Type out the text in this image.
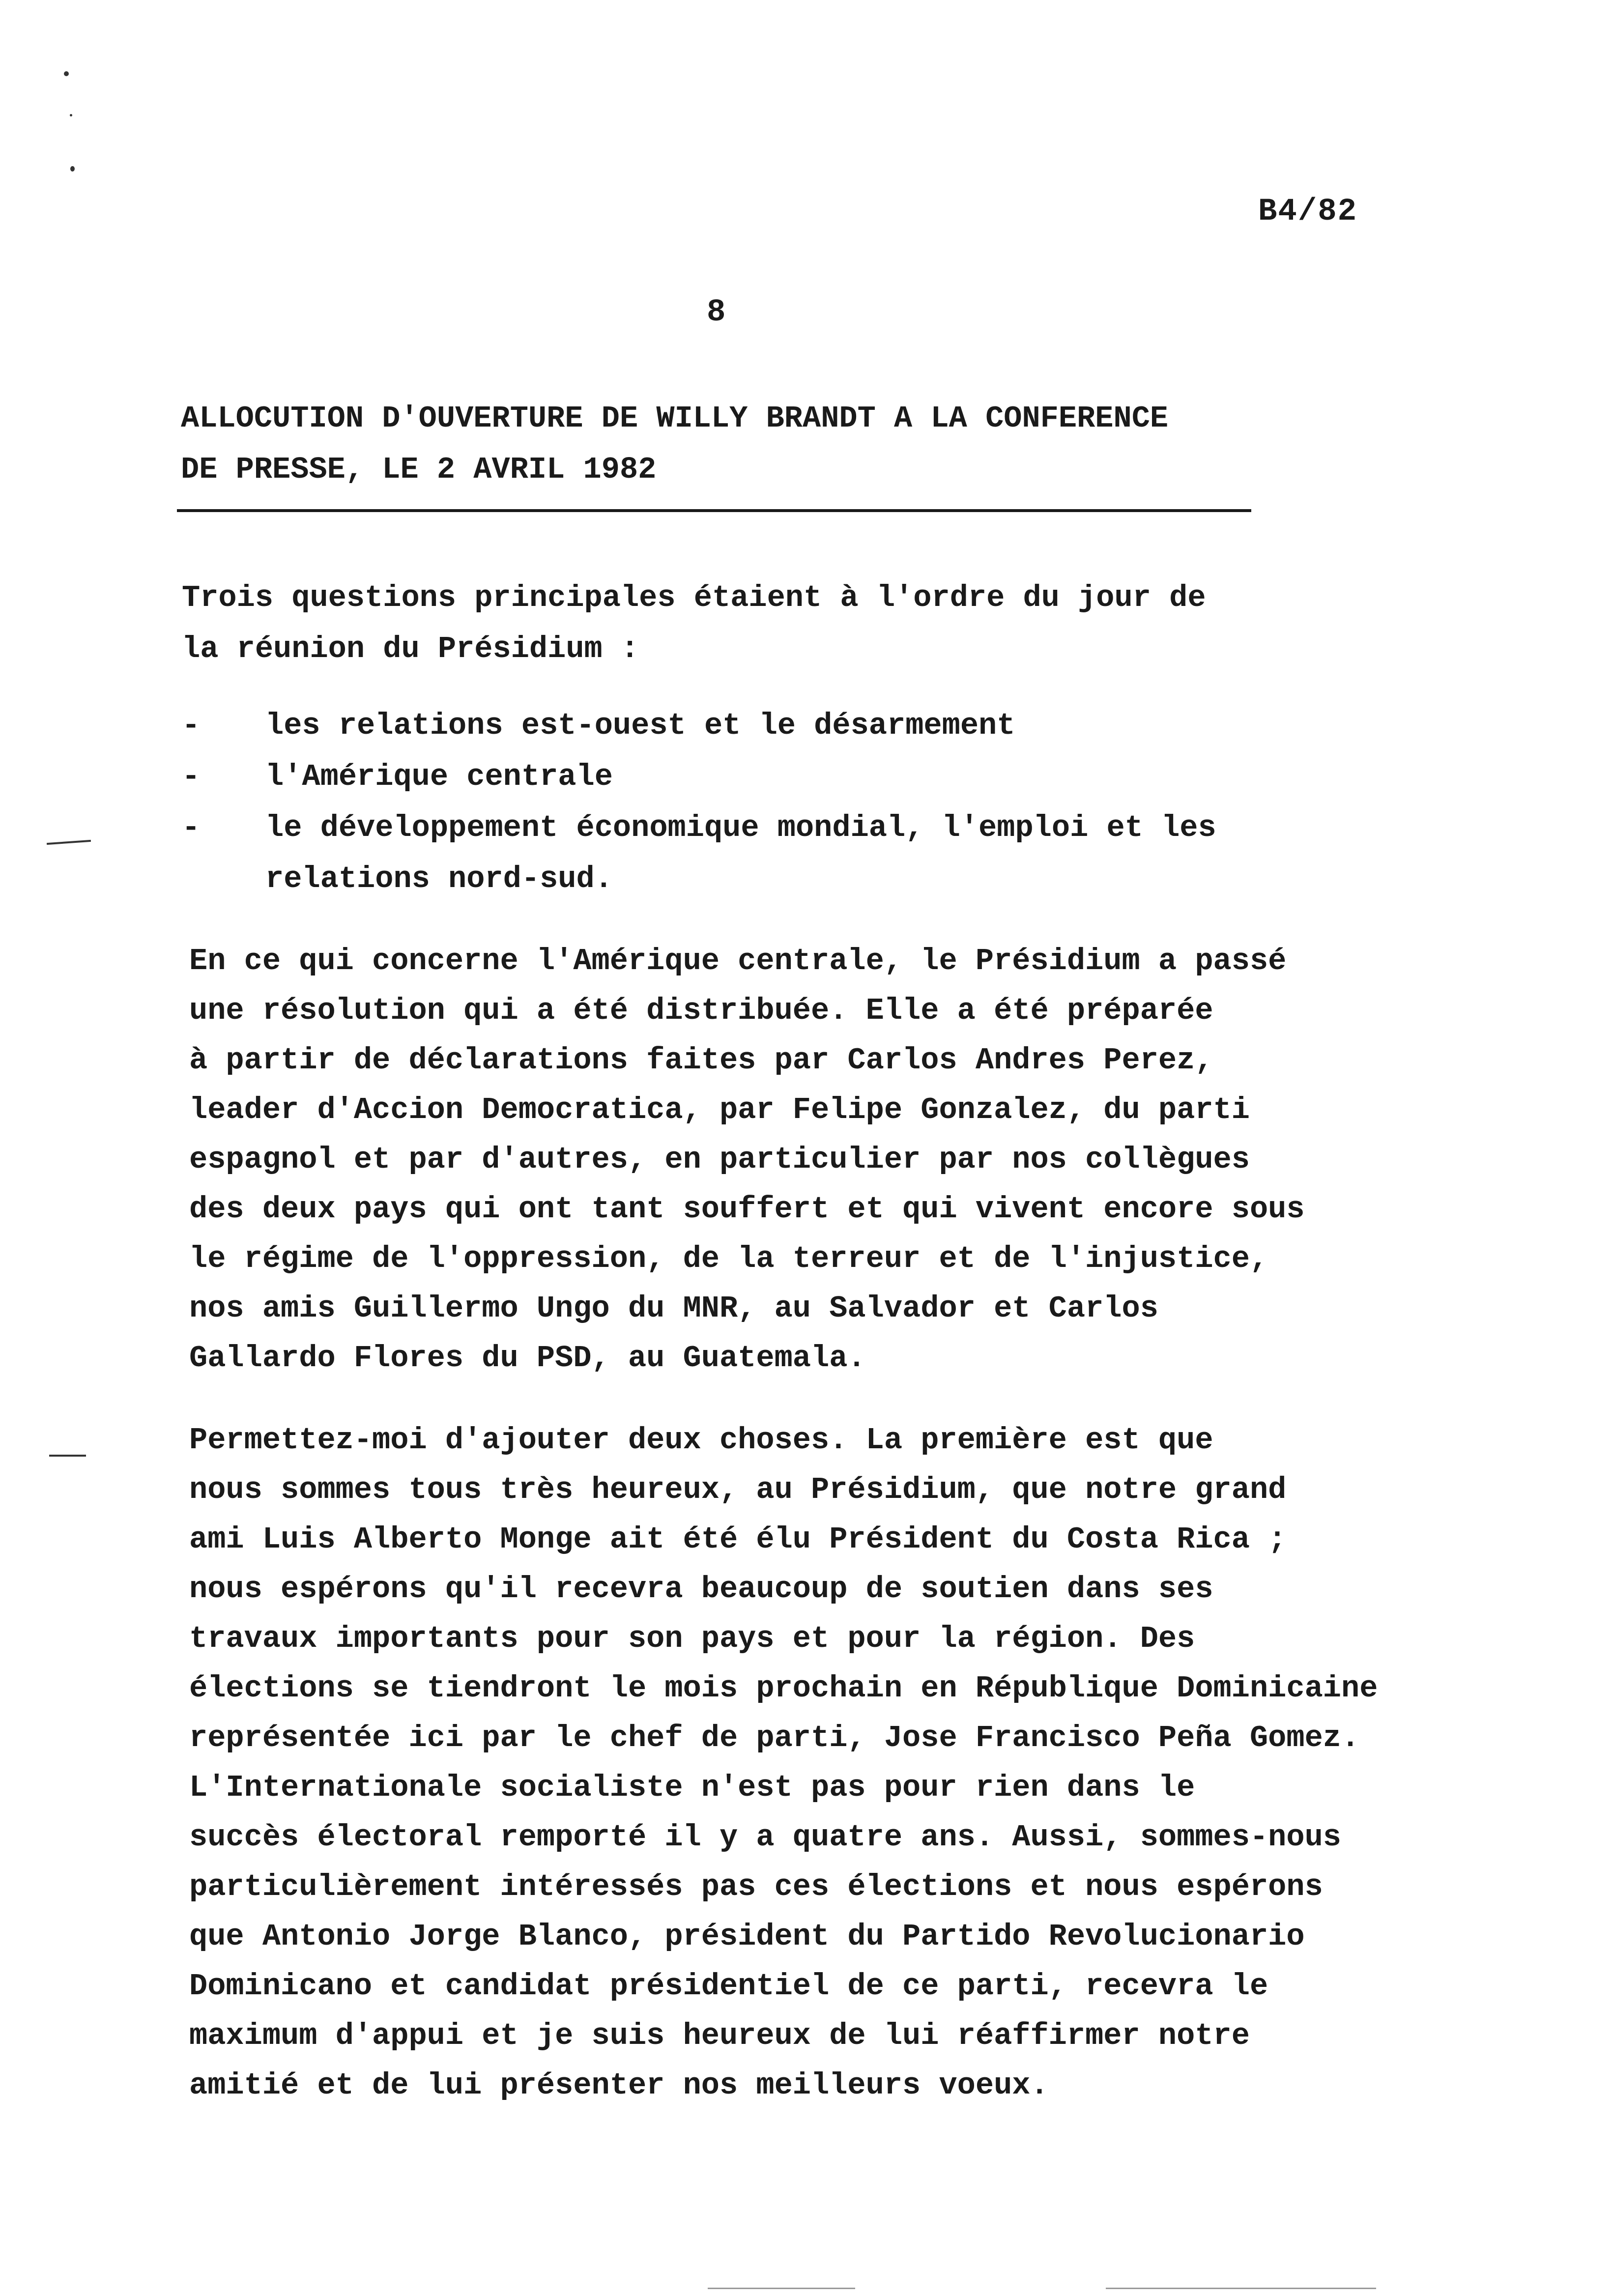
B4/82
8
ALLOCUTION D'OUVERTURE DE WILLY BRANDT A LA CONFERENCE
DE PRESSE, LE 2 AVRIL 1982
Trois questions principales étaient à l'ordre du jour de
la réunion du Présidium :
-	les relations est-ouest et le désarmement
-	l'Amérique centrale
-	le développement économique mondial, l'emploi et les
relations nord-sud.
En ce qui concerne l'Amérique centrale, le Présidium a passé
une résolution qui a été distribuée. Elle a été préparée
à partir de déclarations faites par Carlos Andres Perez,
leader d'Accion Democratica, par Felipe Gonzalez, du parti
espagnol et par d'autres, en particulier par nos collègues
des deux pays qui ont tant souffert et qui vivent encore sous
le régime de l'oppression, de la terreur et de l'injustice,
nos amis Guillermo Ungo du MNR, au Salvador et Carlos
Gallardo Flores du PSD, au Guatemala.
Permettez-moi d'ajouter deux choses. La première est que
nous sommes tous très heureux, au Présidium, que notre grand
ami Luis Alberto Monge ait été élu Président du Costa Rica ;
nous espérons qu'il recevra beaucoup de soutien dans ses
travaux importants pour son pays et pour la région. Des
élections se tiendront le mois prochain en République Dominicaine
représentée ici par le chef de parti, Jose Francisco Peña Gomez.
L'Internationale socialiste n'est pas pour rien dans le
succès électoral remporté il y a quatre ans. Aussi, sommes-nous
particulièrement intéressés pas ces élections et nous espérons
que Antonio Jorge Blanco, président du Partido Revolucionario
Dominicano et candidat présidentiel de ce parti, recevra le
maximum d'appui et je suis heureux de lui réaffirmer notre
amitié et de lui présenter nos meilleurs voeux.
